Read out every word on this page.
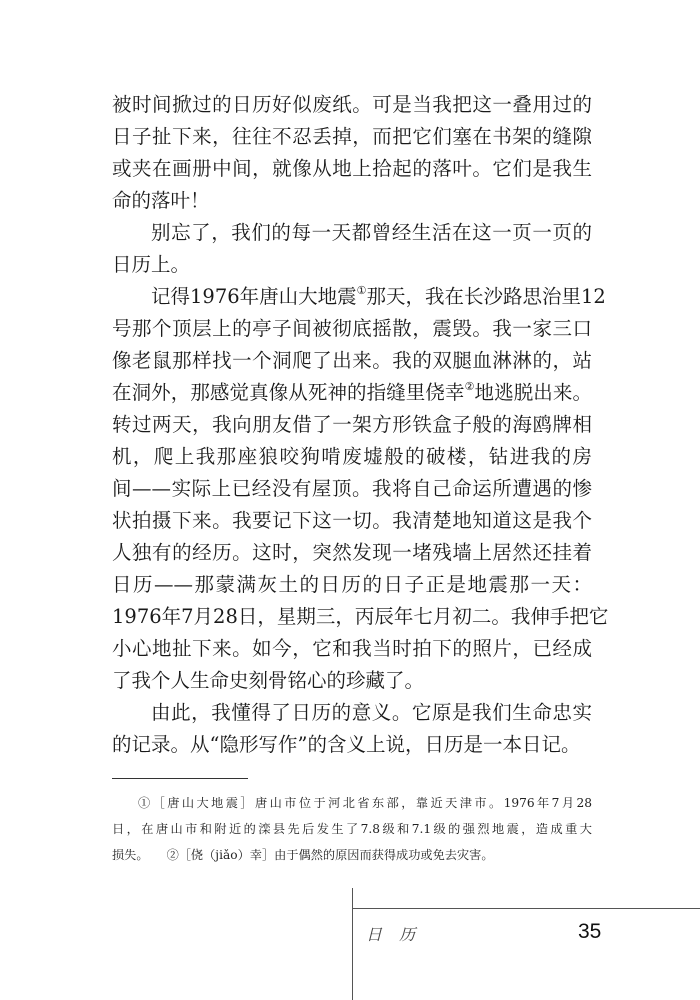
被时间掀过的日历好似废纸。可是当我把这一叠用过的
日子扯下来，往往不忍丢掉，而把它们塞在书架的缝隙
或夹在画册中间，就像从地上拾起的落叶。它们是我生
命的落叶！
别忘了，我们的每一天都曾经生活在这一页一页的
日历上。
记得1976年唐山大地震①那天，我在长沙路思治里12
号那个顶层上的亭子间被彻底摇散，震毁。我一家三口
像老鼠那样找一个洞爬了出来。我的双腿血淋淋的，站
在洞外，那感觉真像从死神的指缝里侥幸②地逃脱出来。
转过两天，我向朋友借了一架方形铁盒子般的海鸥牌相
机，爬上我那座狼咬狗啃废墟般的破楼，钻进我的房
间——实际上已经没有屋顶。我将自己命运所遭遇的惨
状拍摄下来。我要记下这一切。我清楚地知道这是我个
人独有的经历。这时，突然发现一堵残墙上居然还挂着
日历——那蒙满灰土的日历的日子正是地震那一天：
1976年7月28日，星期三，丙辰年七月初二。我伸手把它
小心地扯下来。如今，它和我当时拍下的照片，已经成
了我个人生命史刻骨铭心的珍藏了。
由此，我懂得了日历的意义。它原是我们生命忠实
的记录。从“隐形写作”的含义上说，日历是一本日记。
①［唐山大地震］唐山市位于河北省东部，靠近天津市。1976年7月28
日，在唐山市和附近的滦县先后发生了7.8级和7.1级的强烈地震，造成重大
损失。 ②［侥（jiǎo）幸］由于偶然的原因而获得成功或免去灾害。
日 历	35
